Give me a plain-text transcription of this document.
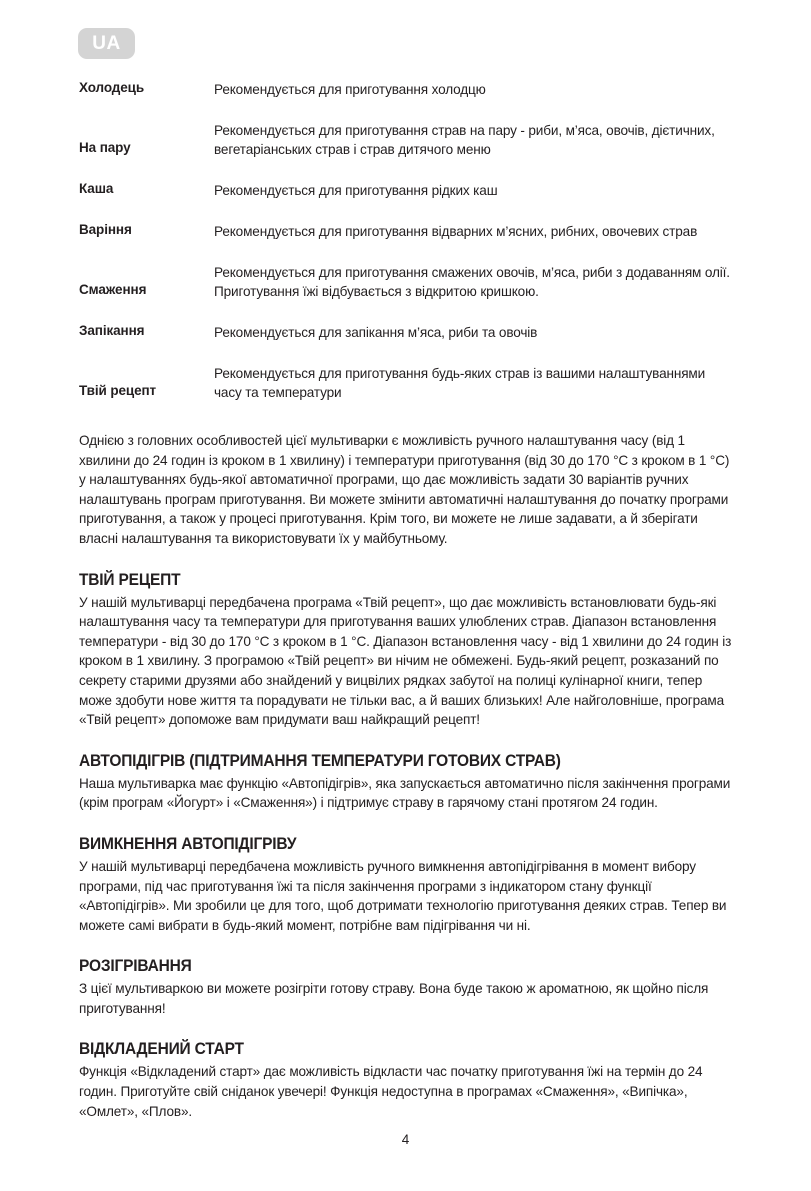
UA
Холодець	Рекомендується для приготування холодцю

На пару	Рекомендується для приготування страв на пару - риби, м’яса, овочів, дієтичних, вегетаріанських страв і страв дитячого меню
Каша	Рекомендується для приготування рідких каш
Варіння	Рекомендується для приготування відварних м’ясних, рибних, овочевих страв

Смаження	Рекомендується для приготування смажених овочів, м’яса, риби з додаванням олії. Приготування їжі відбувається з відкритою кришкою.
Запікання	Рекомендується для запікання м’яса, риби та овочів

Твій рецепт	Рекомендується для приготування будь-яких страв із вашими налаштуваннями часу та температури

Однією з головних особливостей цієї мультиварки є можливість ручного налаштування часу (від 1 хвилини до 24 годин із кроком в 1 хвилину) і температури приготування (від 30 до 170 °C з кроком в 1 °C) у налаштуваннях будь-якої автоматичної програми, що дає можливість задати 30 варіантів ручних налаштувань програм приготування. Ви можете змінити автоматичні налаштування до початку програми приготування, а також у процесі приготування. Крім того, ви можете не лише задавати, а й зберігати власні налаштування та використовувати їх у майбутньому.

ТВІЙ РЕЦЕПТ

У нашій мультиварці передбачена програма «Твій рецепт», що дає можливість встановлювати будь-які налаштування часу та температури для приготування ваших улюблених страв. Діапазон встановлення температури - від 30 до 170 °C з кроком в 1 °C. Діапазон встановлення часу - від 1 хвилини до 24 годин із кроком в 1 хвилину. З програмою «Твій рецепт» ви нічим не обмежені. Будь-який рецепт, розказаний по секрету старими друзями або знайдений у вицвілих рядках забутої на полиці кулінарної книги, тепер може здобути нове життя та порадувати не тільки вас, а й ваших близьких! Але найголовніше, програма «Твій рецепт» допоможе вам придумати ваш найкращий рецепт!

АВТОПІДІГРІВ (ПІДТРИМАННЯ ТЕМПЕРАТУРИ ГОТОВИХ СТРАВ)

Наша мультиварка має функцію «Автопідігрів», яка запускається автоматично після закінчення програми (крім програм «Йогурт» і «Смаження») і підтримує страву в гарячому стані протягом 24 годин.

ВИМКНЕННЯ АВТОПІДІГРІВУ

У нашій мультиварці передбачена можливість ручного вимкнення автопідігрівання в момент вибору програми, під час приготування їжі та після закінчення програми з індикатором стану функції «Автопідігрів». Ми зробили це для того, щоб дотримати технологію приготування деяких страв. Тепер ви можете самі вибрати в будь-який момент, потрібне вам підігрівання чи ні.

РОЗІГРІВАННЯ

З цієї мультиваркою ви можете розігріти готову страву. Вона буде такою ж ароматною, як щойно після приготування!

ВІДКЛАДЕНИЙ СТАРТ

Функція «Відкладений старт» дає можливість відкласти час початку приготування їжі на термін до 24 годин. Приготуйте свій сніданок увечері! Функція недоступна в програмах «Смаження», «Випічка», «Омлет», «Плов».

4
